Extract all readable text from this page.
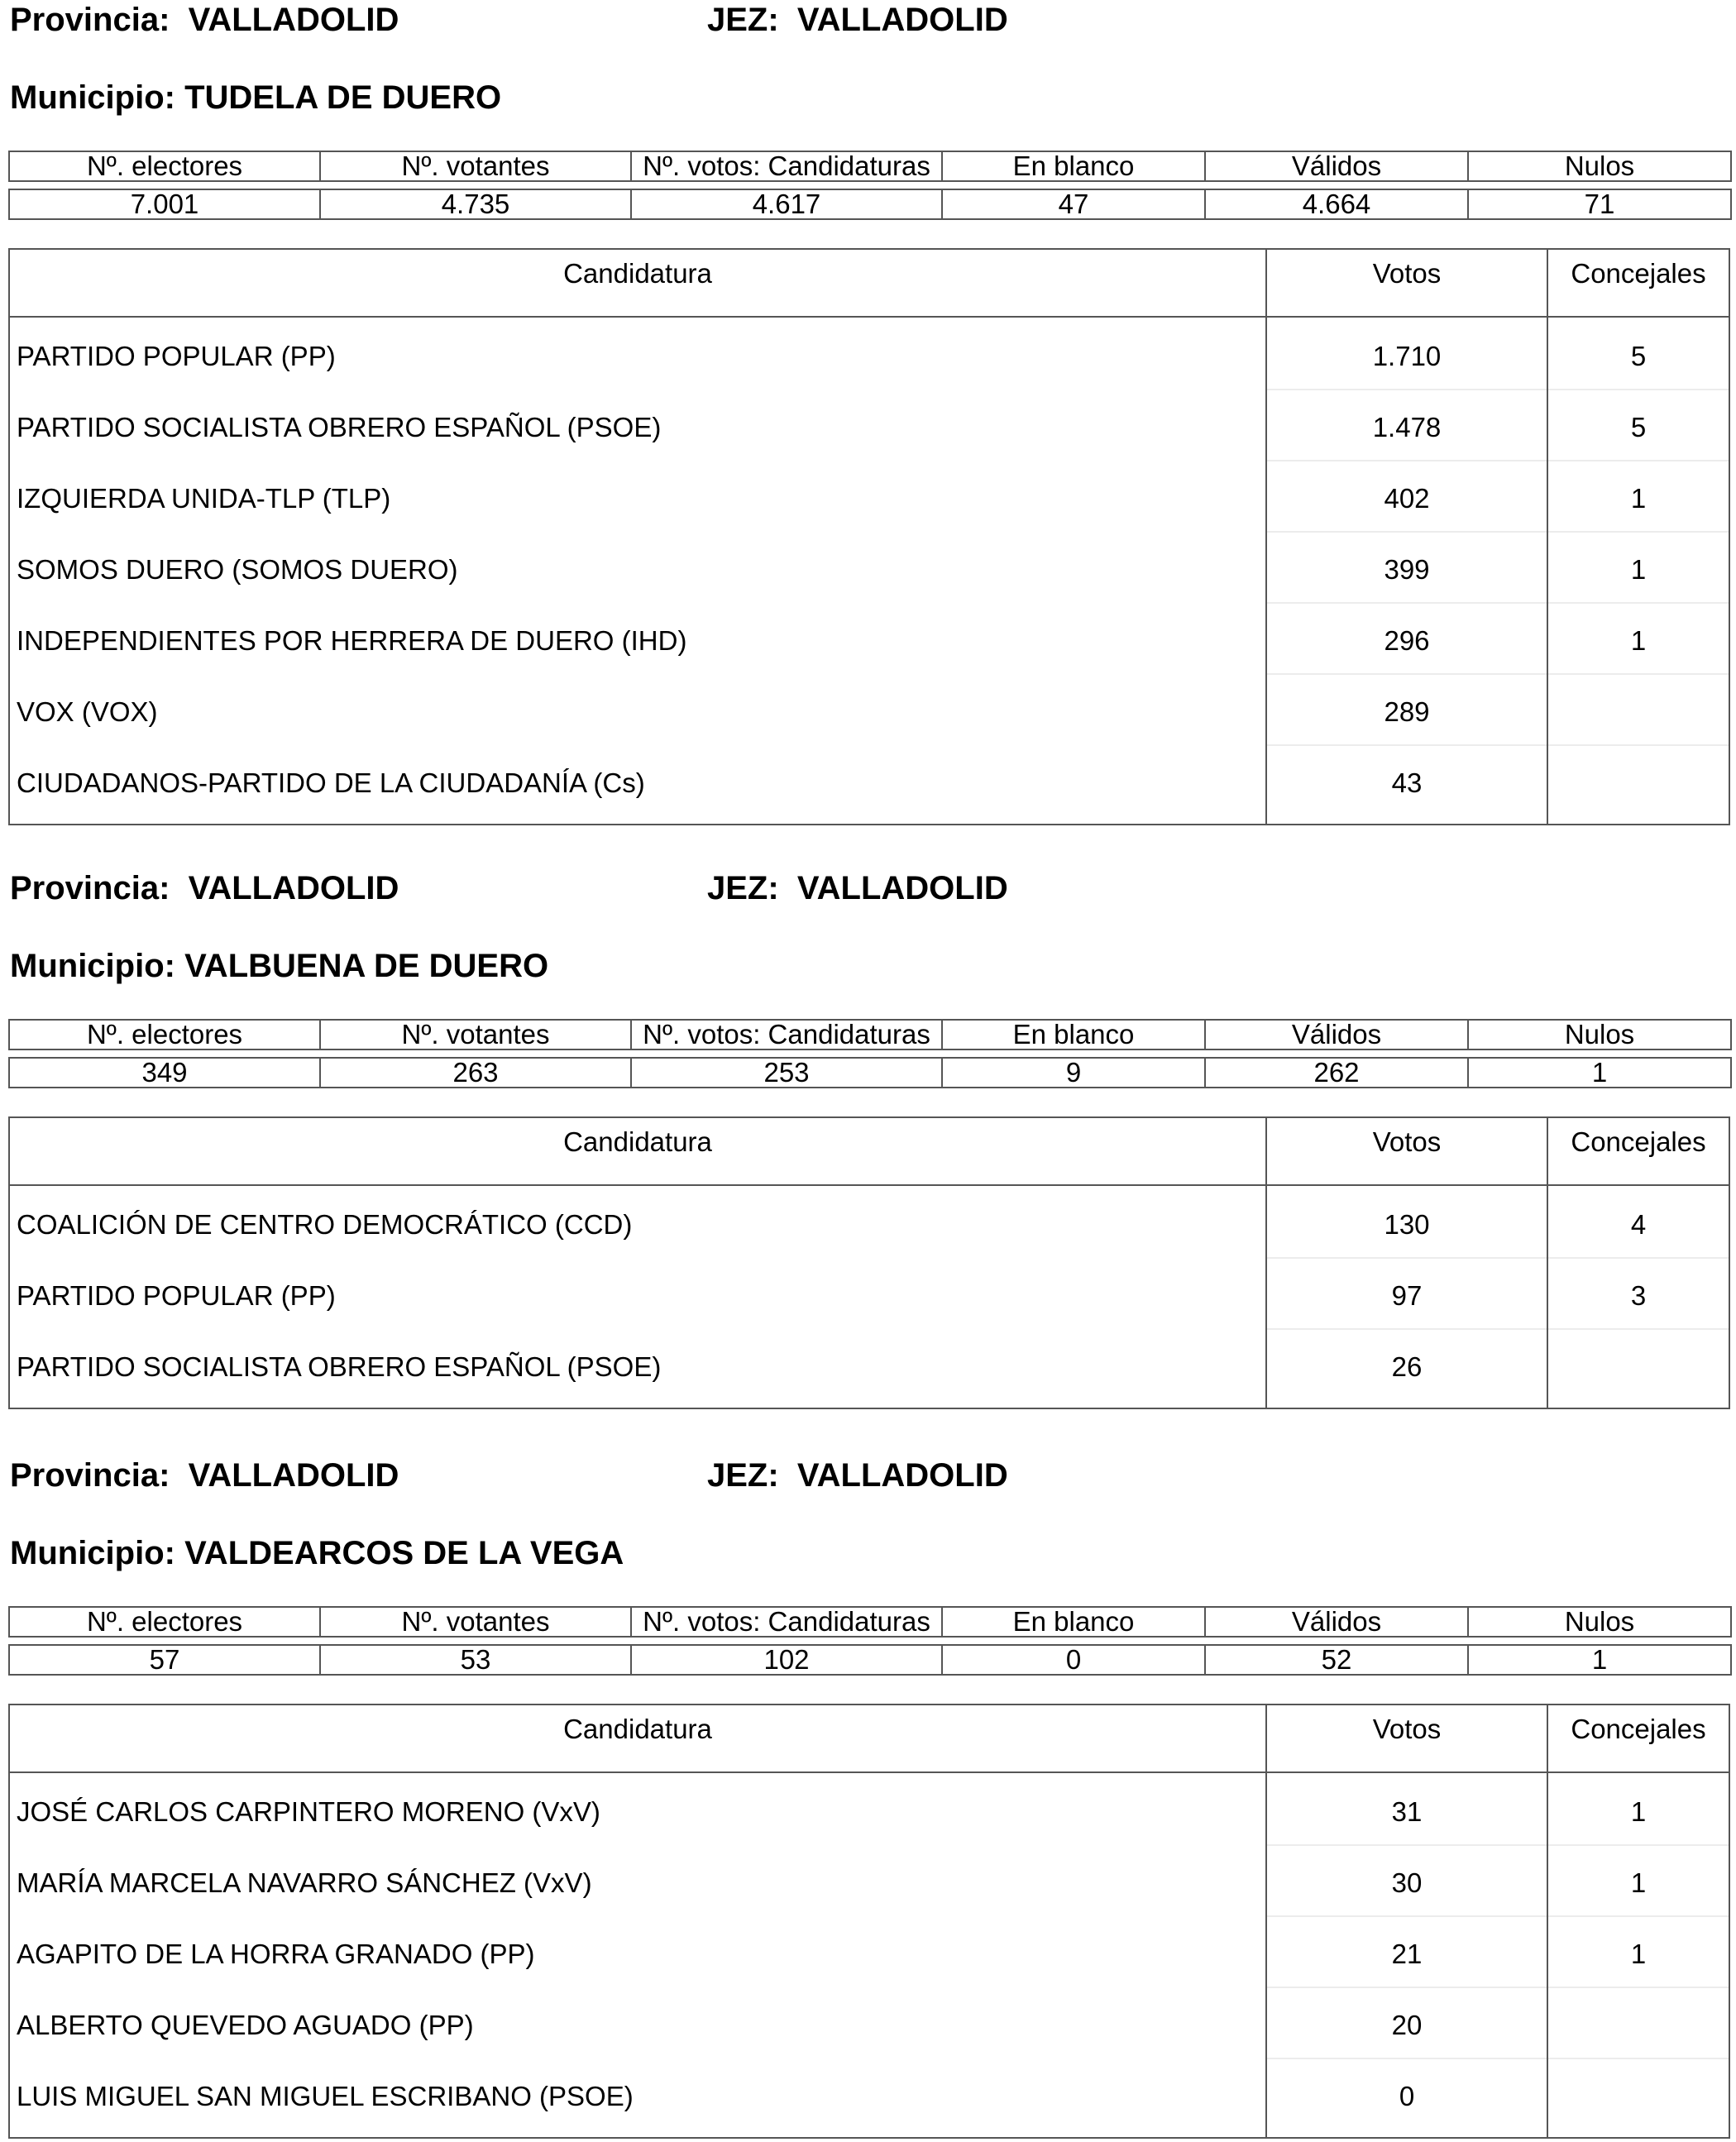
Provincia: VALLADOLID	JEZ: VALLADOLID
Municipio: TUDELA DE DUERO
Nº. electores	Nº. votantes	Nº. votos: Candidaturas	En blanco	Válidos	Nulos

7.001	4.735	4.617	47	4.664	71
Candidatura	Votos	Concejales
PARTIDO POPULAR (PP)	1.710	5
PARTIDO SOCIALISTA OBRERO ESPAÑOL (PSOE)	1.478	5
IZQUIERDA UNIDA-TLP (TLP)	402	1
SOMOS DUERO (SOMOS DUERO)	399	1
INDEPENDIENTES POR HERRERA DE DUERO (IHD)	296	1
VOX (VOX)	289
CIUDADANOS-PARTIDO DE LA CIUDADANÍA (Cs)	43
Provincia: VALLADOLID	JEZ: VALLADOLID
Municipio: VALBUENA DE DUERO
Nº. electores	Nº. votantes	Nº. votos: Candidaturas	En blanco	Válidos	Nulos

349	263	253	9	262	1
Candidatura	Votos	Concejales
COALICIÓN DE CENTRO DEMOCRÁTICO (CCD)	130	4
PARTIDO POPULAR (PP)	97	3
PARTIDO SOCIALISTA OBRERO ESPAÑOL (PSOE)	26
Provincia: VALLADOLID	JEZ: VALLADOLID
Municipio: VALDEARCOS DE LA VEGA
Nº. electores	Nº. votantes	Nº. votos: Candidaturas	En blanco	Válidos	Nulos

57	53	102	0	52	1
Candidatura	Votos	Concejales
JOSÉ CARLOS CARPINTERO MORENO (VxV)	31	1
MARÍA MARCELA NAVARRO SÁNCHEZ (VxV)	30	1
AGAPITO DE LA HORRA GRANADO (PP)	21	1
ALBERTO QUEVEDO AGUADO (PP)	20
LUIS MIGUEL SAN MIGUEL ESCRIBANO (PSOE)	0
